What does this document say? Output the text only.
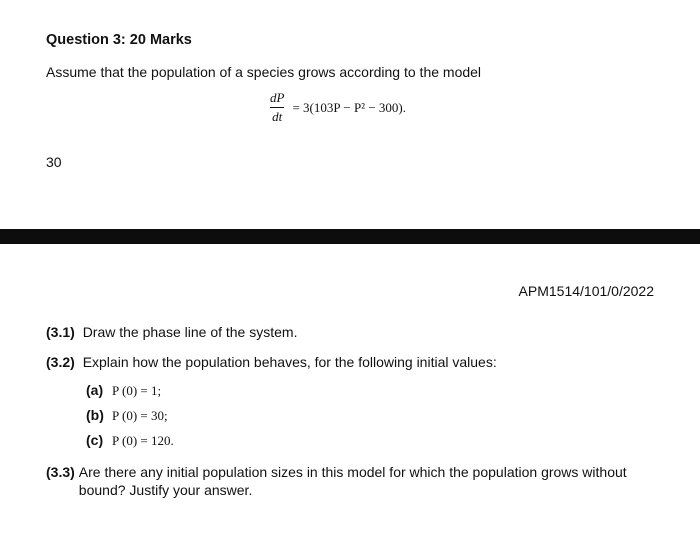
Question 3: 20 Marks
Assume that the population of a species grows according to the model
$\frac{dP}{dt} = 3(103P - P^2 - 300)$.
30
APM1514/101/0/2022
(3.1) Draw the phase line of the system.
(3.2) Explain how the population behaves, for the following initial values:
(a) P (0) = 1;
(b) P (0) = 30;
(c) P (0) = 120.
(3.3) Are there any initial population sizes in this model for which the population grows without bound? Justify your answer.
